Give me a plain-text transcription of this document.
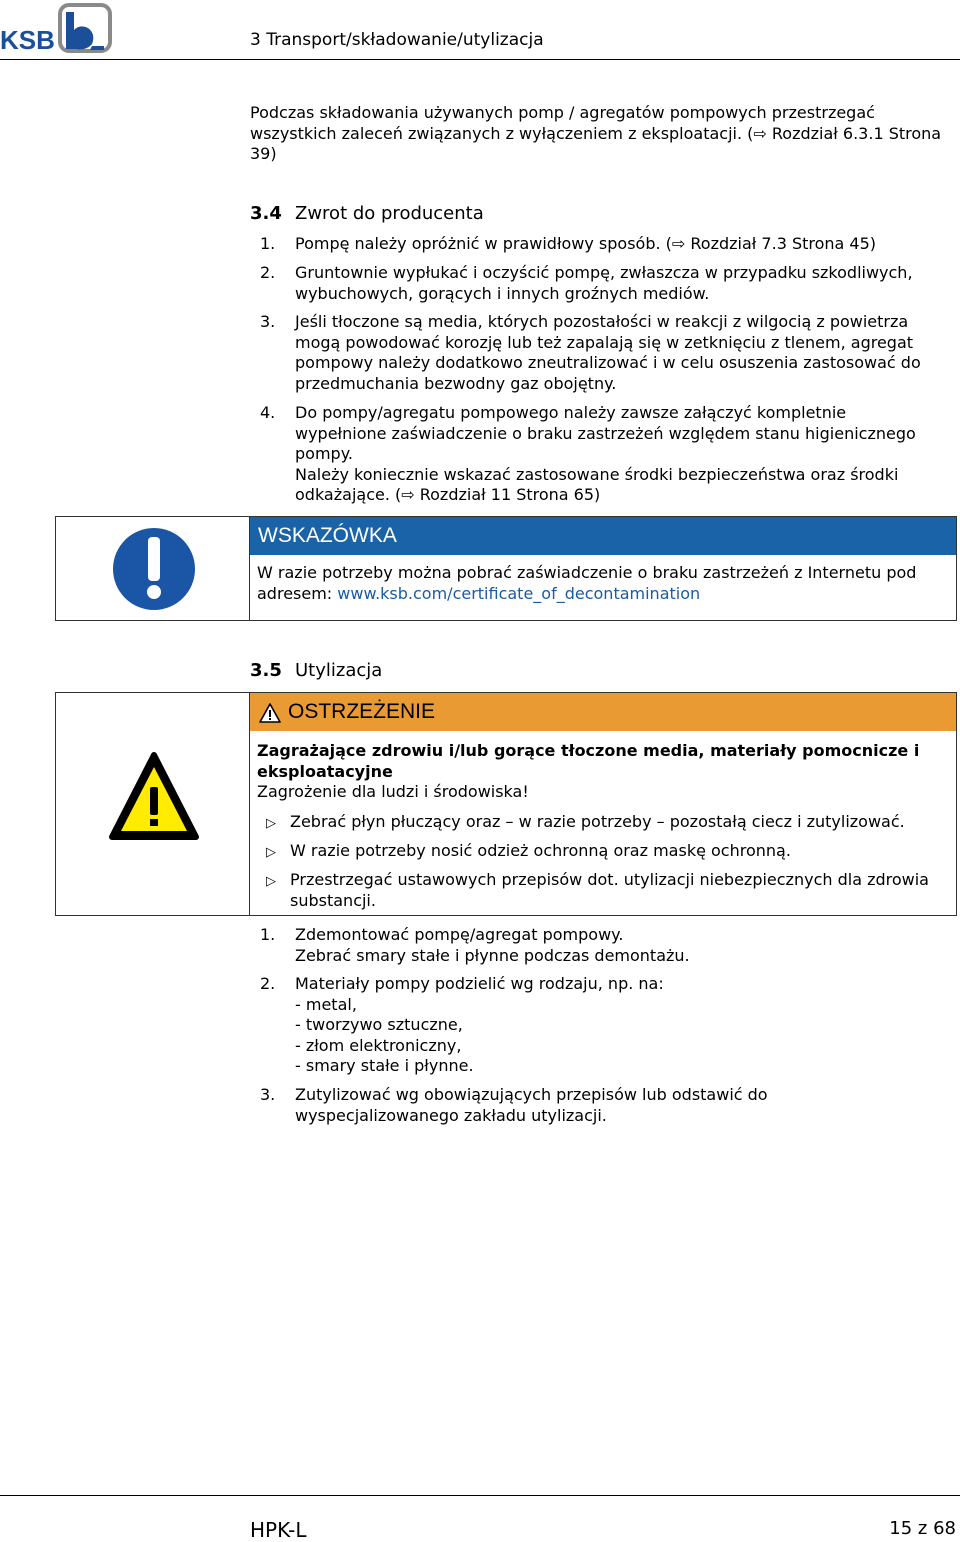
KSB	3 Transport/składowanie/utylizacja
Podczas składowania używanych pomp / agregatów pompowych przestrzegać
wszystkich zaleceń związanych z wyłączeniem z eksploatacji. (⇨ Rozdział 6.3.1 Strona
39)
3.4 Zwrot do producenta
1.	Pompę należy opróżnić w prawidłowy sposób. (⇨ Rozdział 7.3 Strona 45)
2.	Gruntownie wypłukać i oczyścić pompę, zwłaszcza w przypadku szkodliwych,
wybuchowych, gorących i innych groźnych mediów.
3.	Jeśli tłoczone są media, których pozostałości w reakcji z wilgocią z powietrza
mogą powodować korozję lub też zapalają się w zetknięciu z tlenem, agregat
pompowy należy dodatkowo zneutralizować i w celu osuszenia zastosować do
przedmuchania bezwodny gaz obojętny.
4.	Do pompy/agregatu pompowego należy zawsze załączyć kompletnie
wypełnione zaświadczenie o braku zastrzeżeń względem stanu higienicznego
pompy.
Należy koniecznie wskazać zastosowane środki bezpieczeństwa oraz środki
odkażające. (⇨ Rozdział 11 Strona 65)
WSKAZÓWKA
W razie potrzeby można pobrać zaświadczenie o braku zastrzeżeń z Internetu pod
adresem: www.ksb.com/certificate_of_decontamination
3.5 Utylizacja
OSTRZEŻENIE
Zagrażające zdrowiu i/lub gorące tłoczone media, materiały pomocnicze i
eksploatacyjne
Zagrożenie dla ludzi i środowiska!
▷ Zebrać płyn płuczący oraz – w razie potrzeby – pozostałą ciecz i zutylizować.
▷ W razie potrzeby nosić odzież ochronną oraz maskę ochronną.
▷ Przestrzegać ustawowych przepisów dot. utylizacji niebezpiecznych dla zdrowia
substancji.
1.	Zdemontować pompę/agregat pompowy.
Zebrać smary stałe i płynne podczas demontażu.
2.	Materiały pompy podzielić wg rodzaju, np. na:
- metal,
- tworzywo sztuczne,
- złom elektroniczny,
- smary stałe i płynne.
3.	Zutylizować wg obowiązujących przepisów lub odstawić do
wyspecjalizowanego zakładu utylizacji.
HPK-L	15 z 68
